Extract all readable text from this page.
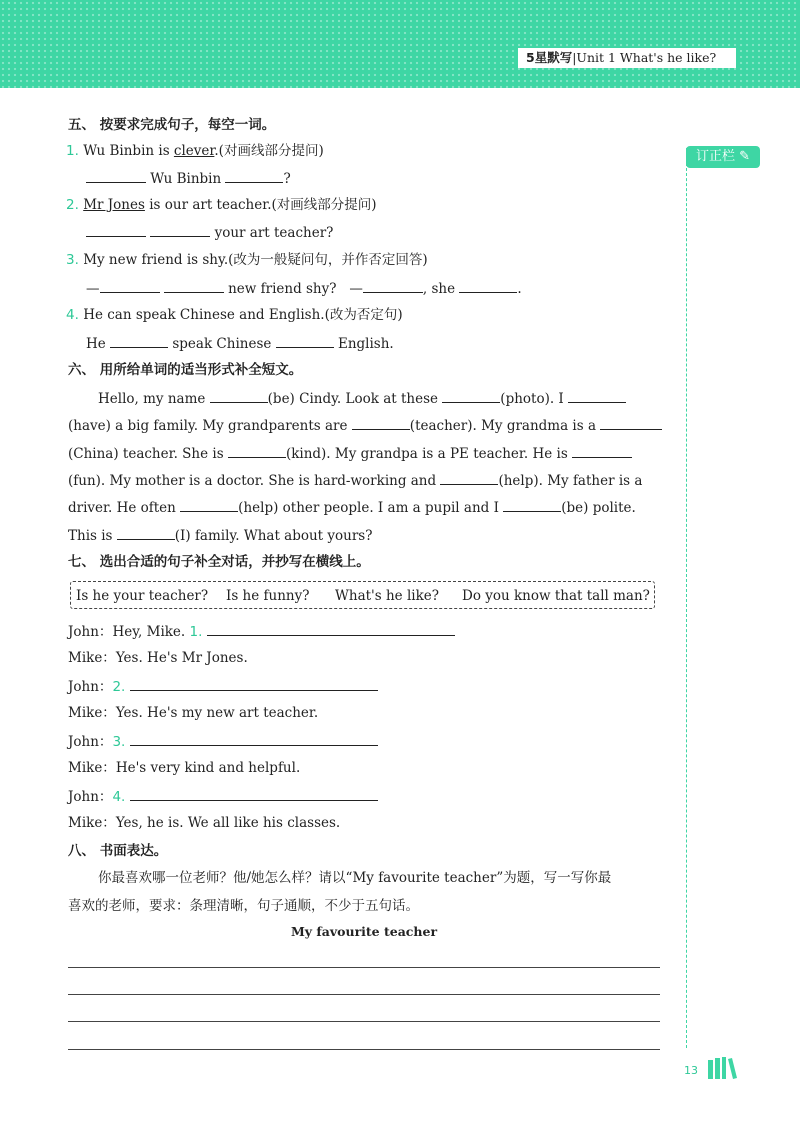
5星默写|Unit 1 What's he like?
订正栏 ✎
五、 按要求完成句子，每空一词。
1. Wu Binbin is clever.(对画线部分提问)
Wu Binbin	?
2. Mr Jones is our art teacher.(对画线部分提问)
your art teacher?
3. My new friend is shy.(改为一般疑问句，并作否定回答)
—	new friend shy? —	, she	.
4. He can speak Chinese and English.(改为否定句)
He	speak Chinese	English.
六、 用所给单词的适当形式补全短文。
Hello, my name	(be) Cindy. Look at these	(photo). I
(have) a big family. My grandparents are	(teacher). My grandma is a
(China) teacher. She is	(kind). My grandpa is a PE teacher. He is
(fun). My mother is a doctor. She is hard-working and	(help). My father is a
driver. He often	(help) other people. I am a pupil and I	(be) polite.
This is	(I) family. What about yours?
七、 选出合适的句子补全对话，并抄写在横线上。
Is he your teacher? Is he funny? What's he like? Do you know that tall man?
John：Hey, Mike. 1.
Mike：Yes. He's Mr Jones.
John：2.
Mike：Yes. He's my new art teacher.
John：3.
Mike：He's very kind and helpful.
John：4.
Mike：Yes, he is. We all like his classes.
八、 书面表达。
你最喜欢哪一位老师？他/她怎么样？请以“My favourite teacher”为题，写一写你最
喜欢的老师，要求：条理清晰，句子通顺，不少于五句话。
My favourite teacher
13
